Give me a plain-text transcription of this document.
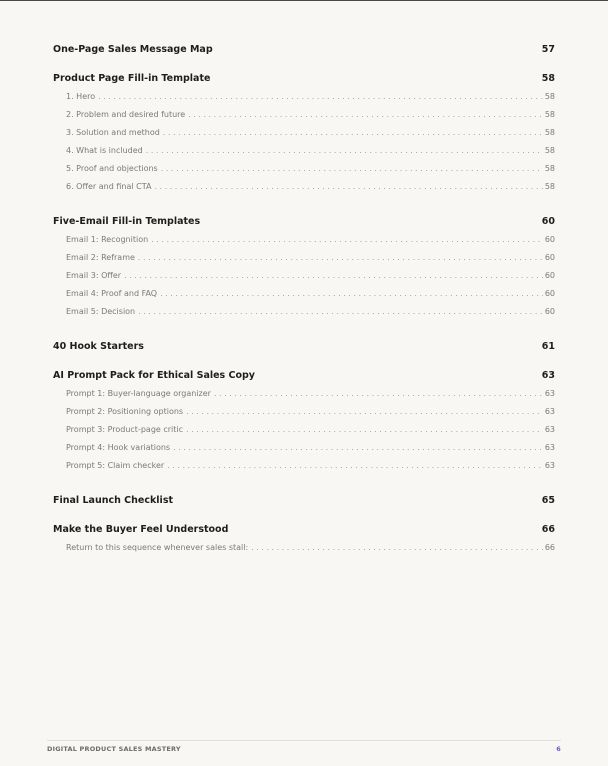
One-Page Sales Message Map	57
Product Page Fill-in Template	58
1. Hero . . .	58
2. Problem and desired future . . .	58
3. Solution and method . . .	58
4. What is included . . .	58
5. Proof and objections . . .	58
6. Offer and final CTA . . .	58
Five-Email Fill-in Templates	60
Email 1: Recognition . . .	60
Email 2: Reframe . . .	60
Email 3: Offer . . .	60
Email 4: Proof and FAQ . . .	60
Email 5: Decision . . .	60
40 Hook Starters	61
AI Prompt Pack for Ethical Sales Copy	63
Prompt 1: Buyer-language organizer . . .	63
Prompt 2: Positioning options . . .	63
Prompt 3: Product-page critic . . .	63
Prompt 4: Hook variations . . .	63
Prompt 5: Claim checker . . .	63
Final Launch Checklist	65
Make the Buyer Feel Understood	66
Return to this sequence whenever sales stall: . . .	66
DIGITAL PRODUCT SALES MASTERY	6
